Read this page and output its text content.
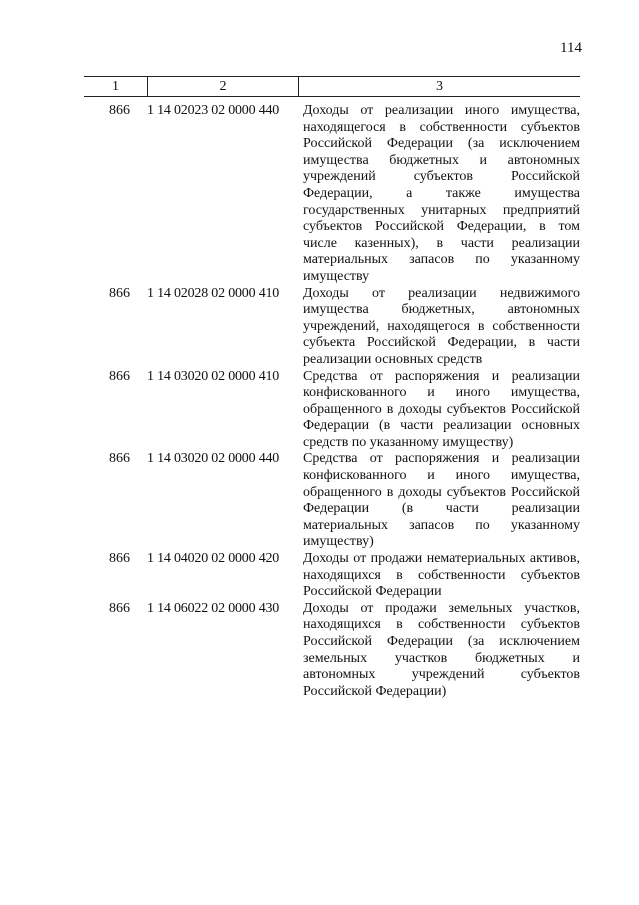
114
1	2	3
866	1 14 02023 02 0000 440	Доходы от реализации иного имущества, находящегося в собственности субъектов Российской Федерации (за исключением имущества бюджетных и автономных учреждений субъектов Российской Федерации, а также имущества государственных унитарных предприятий субъектов Российской Федерации, в том числе казенных), в части реализации материальных запасов по указанному имуществу
866	1 14 02028 02 0000 410	Доходы от реализации недвижимого имущества бюджетных, автономных учреждений, находящегося в собственности субъекта Российской Федерации, в части реализации основных средств
866	1 14 03020 02 0000 410	Средства от распоряжения и реализации конфискованного и иного имущества, обращенного в доходы субъектов Российской Федерации (в части реализации основных средств по указанному имуществу)
866	1 14 03020 02 0000 440	Средства от распоряжения и реализации конфискованного и иного имущества, обращенного в доходы субъектов Российской Федерации (в части реализации материальных запасов по указанному имуществу)
866	1 14 04020 02 0000 420	Доходы от продажи нематериальных активов, находящихся в собственности субъектов Российской Федерации
866	1 14 06022 02 0000 430	Доходы от продажи земельных участков, находящихся в собственности субъектов Российской Федерации (за исключением земельных участков бюджетных и автономных учреждений субъектов Российской Федерации)
